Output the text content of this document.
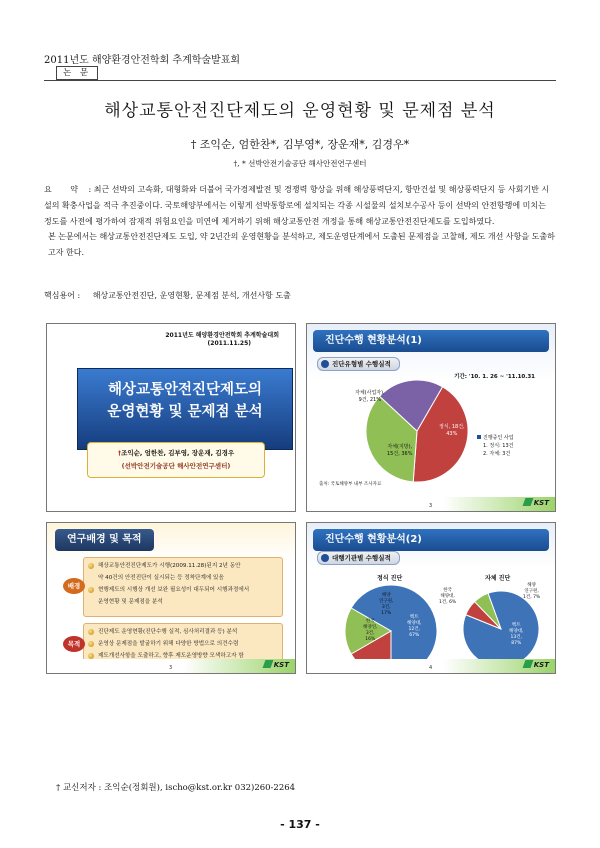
2011년도 해양환경안전학회 추계학술발표회
논 문
해상교통안전진단제도의 운영현황 및 문제점 분석
† 조익순, 엄한찬*, 김부영*, 장운재*, 김경우*
†, * 선박안전기술공단 해사안전연구센터
요 약 : 최근 선박의 고속화, 대형화와 더불어 국가경제발전 및 경쟁력 향상을 위해 해상풍력단지, 항만건설 및 해상풍력단지 등 사회기반 시설의 확충사업을 적극 추진중이다. 국토해양부에서는 이렇게 선박통항로에 설치되는 각종 시설물의 설치보수공사 등이 선박의 안전항행에 미치는 정도를 사전에 평가하여 잠재적 위험요인을 미연에 제거하기 위해 해상교통안전 개정을 통해 해상교통안전진단제도를 도입하였다.
본 논문에서는 해상교통안전진단제도 도입, 약 2년간의 운영현황을 분석하고, 제도운영단계에서 도출된 문제점을 고찰해, 제도 개선 사항을 도출하고자 한다.
핵심용어 : 해상교통안전진단, 운영현황, 문제점 분석, 개선사항 도출
2011년도 해양환경안전학회 추계학술대회
(2011.11.25)
해상교통안전진단제도의
운영현황 및 문제점 분석
†조익순, 엄한찬, 김부영, 장운재, 김경우
(선박안전기술공단 해사안전연구센터)
진단수행 현황분석(1)
진단유형별 수행실적
기간: '10. 1. 26 ~ '11.10.31
자체(사업자),
9건, 21%
정식, 18건,
43%
자체(지방),
15건, 36%
진행중인 사업
1. 정식: 13건
2. 자체: 3건
출처: 국토해양부 내부 조사자료
3	KST
연구배경 및 목적
해상교통안전진단제도가 시행(2009.11.28)된지 2년 동안
약 40건의 안전진단이 실시되는 등 정착단계에 있음
현행제도의 시행상 개선 보완 필요성이 대두되어 시행과정에서
운영현황 및 문제점을 분석
배경
진단제도 운영현황(진단수행 실적, 심사처리결과 등) 분석
운영상 문제점을 발굴하기 위해 다양한 방법으로 의견수렴
제도개선사항을 도출하고, 향후 제도운영방향 모색하고자 함
목적
3	KST
진단수행 현황분석(2)
대행기관별 수행실적
정식 진단	자체 진단
벡트
해양대,
12건,
67%
한국
해양연,
3건,
16%
해양
연구원,
3건,
17%
한국
해양대,
1건, 6%
해양
연구원,
1건, 7%
벡트
해양대,
13건,
87%
4	KST
† 교신저자 : 조익순(정회원), ischo@kst.or.kr 032)260-2264
- 137 -
